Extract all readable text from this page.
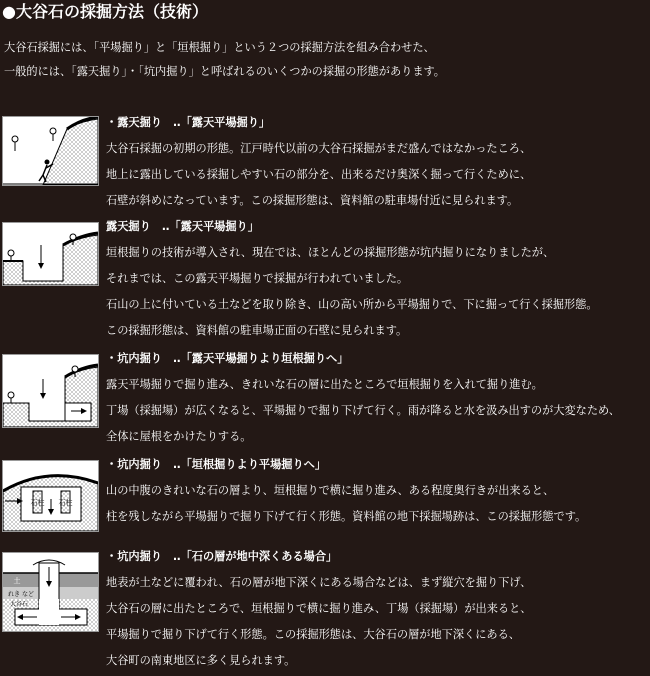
●大谷石の採掘方法（技術）

大谷石採掘には、「平場掘り」と「垣根掘り」という２つの採掘方法を組み合わせた、

一般的には、「露天掘り」・「坑内掘り」と呼ばれるのいくつかの採掘の形態があります。

・露天掘り　‥「露天平場掘り」

大谷石採掘の初期の形態。江戸時代以前の大谷石採掘がまだ盛んではなかったころ、

地上に露出している採掘しやすい石の部分を、出来るだけ奥深く掘って行くために、

石壁が斜めになっています。この採掘形態は、資料館の駐車場付近に見られます。

露天掘り　‥「露天平場掘り」

垣根掘りの技術が導入され、現在では、ほとんどの採掘形態が坑内掘りになりましたが、

それまでは、この露天平場掘りで採掘が行われていました。

石山の上に付いている土などを取り除き、山の高い所から平場掘りで、下に掘って行く採掘形態。

この採掘形態は、資料館の駐車場正面の石壁に見られます。

・坑内掘り　‥「露天平場掘りより垣根掘りへ」

露天平場掘りで掘り進み、きれいな石の層に出たところで垣根掘りを入れて掘り進む。

丁場（採掘場）が広くなると、平場掘りで掘り下げて行く。雨が降ると水を汲み出すのが大変なため、

全体に屋根をかけたりする。

石柱 石柱

・坑内掘り　‥「垣根掘りより平場掘りへ」

山の中腹のきれいな石の層より、垣根掘りで横に掘り進み、ある程度奥行きが出来ると、

柱を残しながら平場掘りで掘り下げて行く形態。資料館の地下採掘場跡は、この採掘形態です。

土
れき など
大谷石

・坑内掘り　‥「石の層が地中深くある場合」

地表が土などに覆われ、石の層が地下深くにある場合などは、まず縦穴を掘り下げ、

大谷石の層に出たところで、垣根掘りで横に掘り進み、丁場（採掘場）が出来ると、

平場掘りで掘り下げて行く形態。この採掘形態は、大谷石の層が地下深くにある、

大谷町の南東地区に多く見られます。
